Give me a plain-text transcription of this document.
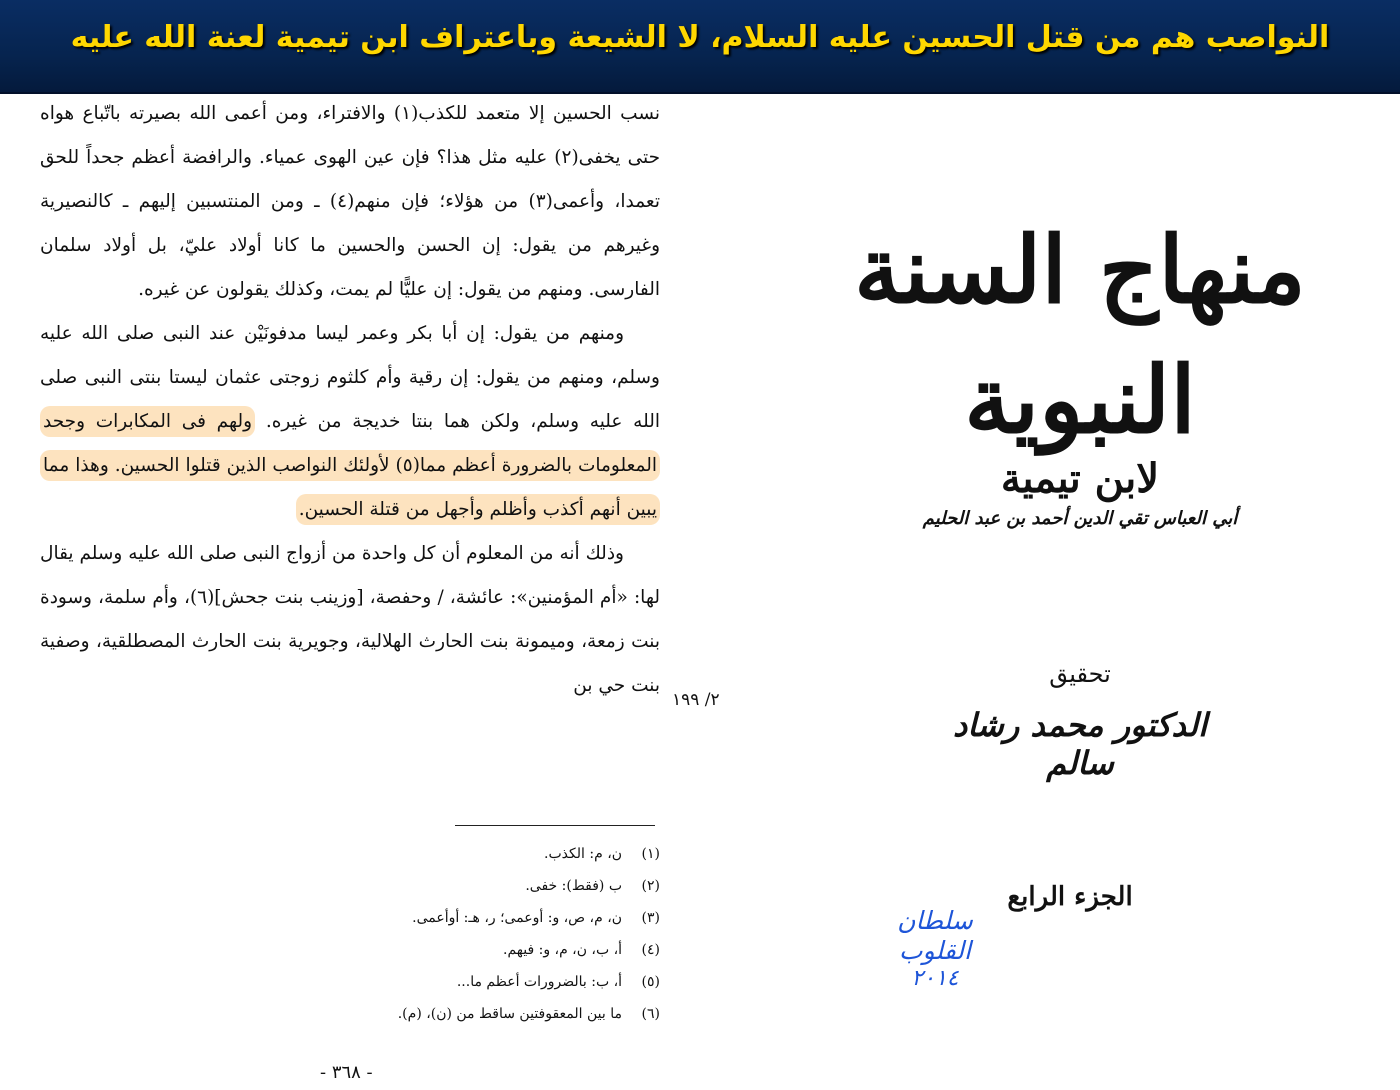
النواصب هم من قتل الحسين عليه السلام، لا الشيعة وباعتراف ابن تيمية لعنة الله عليه

نسب الحسين إلا متعمد للكذب(١) والافتراء، ومن أعمى الله بصيرته باتّباع هواه حتى يخفى(٢) عليه مثل هذا؟ فإن عين الهوى عمياء. والرافضة أعظم جحداً للحق تعمدا، وأعمى(٣) من هؤلاء؛ فإن منهم(٤) ـ ومن المنتسبين إليهم ـ كالنصيرية وغيرهم من يقول: إن الحسن والحسين ما كانا أولاد عليّ، بل أولاد سلمان الفارسى. ومنهم من يقول: إن عليًّا لم يمت، وكذلك يقولون عن غيره.

ومنهم من يقول: إن أبا بكر وعمر ليسا مدفونَيْن عند النبى صلى الله عليه وسلم، ومنهم من يقول: إن رقية وأم كلثوم زوجتى عثمان ليستا بنتى النبى صلى الله عليه وسلم، ولكن هما بنتا خديجة من غيره. ولهم فى المكابرات وجحد المعلومات بالضرورة أعظم مما(٥) لأولئك النواصب الذين قتلوا الحسين. وهذا مما يبين أنهم أكذب وأظلم وأجهل من قتلة الحسين.

وذلك أنه من المعلوم أن كل واحدة من أزواج النبى صلى الله عليه وسلم يقال لها: «أم المؤمنين»: عائشة، / وحفصة، [وزينب بنت جحش](٦)، وأم سلمة، وسودة بنت زمعة، وميمونة بنت الحارث الهلالية، وجويرية بنت الحارث المصطلقية، وصفية بنت حي بن

٢/ ١٩٩
(١)ن، م: الكذب.
(٢)ب (فقط): خفى.
(٣)ن، م، ص، و: أوعمى؛ ر، هـ: أوأعمى.
(٤)أ، ب، ن، م، و: فيهم.
(٥)أ، ب: بالضرورات أعظم ما...
(٦)ما بين المعقوفتين ساقط من (ن)، (م).
- ٣٦٨ -
منهاج السنة النبوية
لابن تيمية
أبي العباس تقي الدين أحمد بن عبد الحليم
تحقيق
الدكتور محمد رشاد سالم
الجزء الرابع
سلطان القلوب
٢٠١٤
